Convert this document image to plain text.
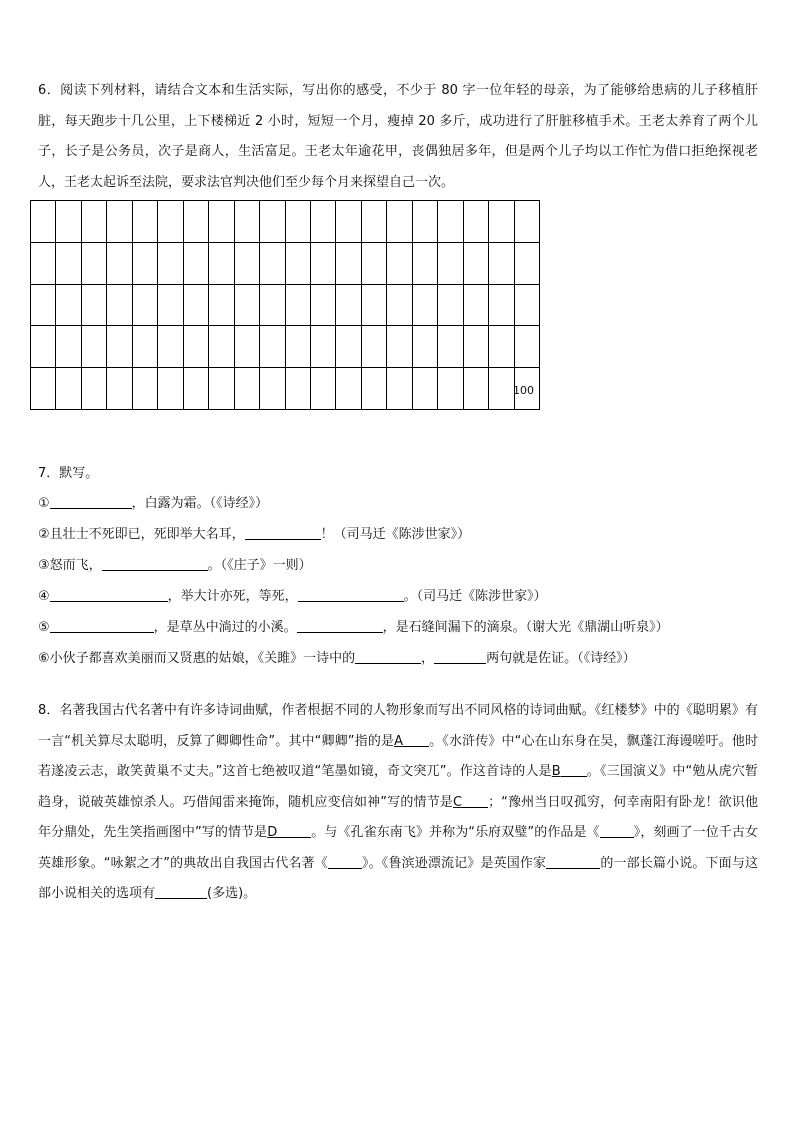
6．阅读下列材料，请结合文本和生活实际，写出你的感受，不少于 80 字一位年轻的母亲，为了能够给患病的儿子移植肝脏，每天跑步十几公里，上下楼梯近 2 小时，短短一个月，瘦掉 20 多斤，成功进行了肝脏移植手术。王老太养育了两个儿子，长子是公务员，次子是商人，生活富足。王老太年逾花甲，丧偶独居多年，但是两个儿子均以工作忙为借口拒绝探视老人，王老太起诉至法院，要求法官判决他们至少每个月来探望自己一次。

100
7．默写。
①	，白露为霜。（《诗经》）
②且壮士不死即已，死即举大名耳，	！（司马迁《陈涉世家》）
③怒而飞，	。（《庄子》一则）
④	，举大计亦死，等死，	。（司马迁《陈涉世家》）
⑤	，是草丛中淌过的小溪。	，是石缝间漏下的滴泉。（谢大光《鼎湖山听泉》）
⑥小伙子都喜欢美丽而又贤惠的姑娘，《关雎》一诗中的	，	两句就是佐证。（《诗经》）
8．名著我国古代名著中有许多诗词曲赋，作者根据不同的人物形象而写出不同风格的诗词曲赋。《红楼梦》中的《聪明累》有一言“机关算尽太聪明，反算了卿卿性命”。其中“卿卿”指的是A 。《水浒传》中“心在山东身在吴，飘蓬江海谩嗟吁。他时若遂凌云志，敢笑黄巢不丈夫。”这首七绝被叹道“笔墨如镜，奇文突兀”。作这首诗的人是B 。《三国演义》中“勉从虎穴暂趋身，说破英雄惊杀人。巧借闻雷来掩饰，随机应变信如神”写的情节是C ；“豫州当日叹孤穷，何幸南阳有卧龙！欲识他年分鼎处，先生笑指画图中”写的情节是D	。与《孔雀东南飞》并称为“乐府双璧”的作品是《	》，刻画了一位千古女英雄形象。“咏絮之才”的典故出自我国古代名著《	》。《鲁滨逊漂流记》是英国作家	的一部长篇小说。下面与这部小说相关的选项有	(多选)。
